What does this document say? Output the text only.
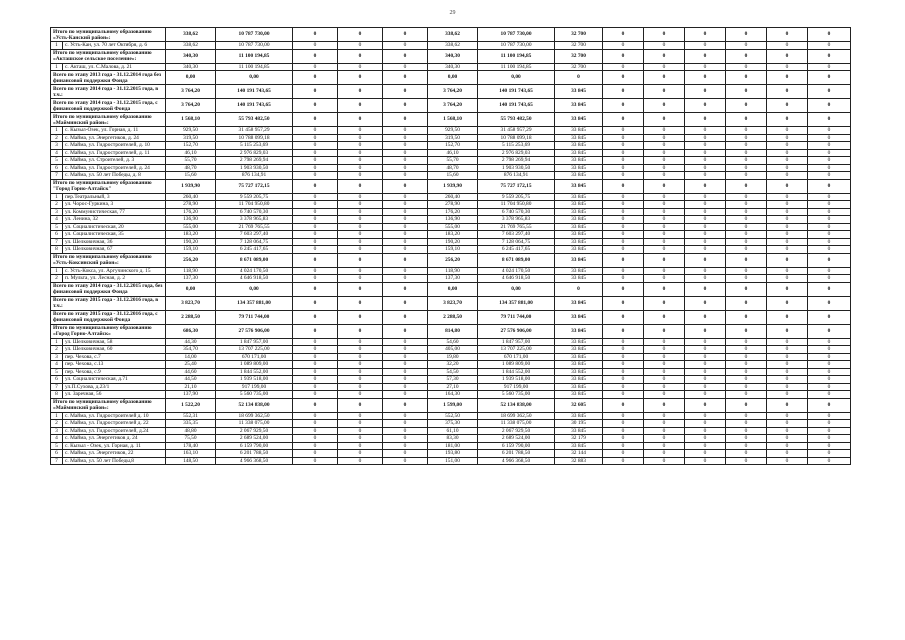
29
Итого по муниципальному образованию «Усть-Канский район»:		338,62	10 787 730,00	0	0	0	338,62	10 787 730,00	32 700	0	0	0	0	0	0
1	с. Усть-Кан, ул. 70 лет Октября, д. 6	338,62	10 787 730,00	0	0	0	338,62	10 787 730,00	32 700	0	0	0	0	0	0
Итого по муниципальному образованию «Акташское сельское поселение»:		340,30	11 100 194,85	0	0	0	340,30	11 100 194,85	32 700	0	0	0	0	0	0
1	с. Акташ, ул. С.Малова, д. 21	340,30	11 100 194,85	0	0	0	340,30	11 100 194,85	32 700	0	0	0	0	0	0
Всего по этапу 2013 года - 31.12.2014 года без финансовой поддержки Фонда		0,00	0,00	0	0	0	0,00	0,00	0	0	0	0	0	0	0
Всего по этапу 2014 года - 31.12.2015 года, в т.ч.:		3 764,20	140 191 743,65	0	0	0	3 764,20	140 191 743,65	33 845	0	0	0	0	0	0
Всего по этапу 2014 года - 31.12.2015 года, с финансовой поддержкой Фонда		3 764,20	140 191 743,65	0	0	0	3 764,20	140 191 743,65	33 845	0	0	0	0	0	0
Итого по муниципальному образованию «Майминский район»:		1 568,10	55 793 482,50	0	0	0	1 568,10	55 793 482,50	33 845	0	0	0	0	0	0
1	с. Кызыл-Озек, ул. Горная, д. 11	929,50	31 458 957,29	0	0	0	929,50	31 458 957,29	33 845	0	0	0	0	0	0
2	с. Майма, ул. Энергетиков, д. 24	319,50	10 788 099,18	0	0	0	319,50	10 788 099,18	33 845	0	0	0	0	0	0
3	с. Майма, ул. Гидростроителей, д. 10	152,70	5 115 253,69	0	0	0	152,70	5 115 253,69	33 845	0	0	0	0	0	0
4	с. Майма, ул. Гидростроителей, д. 11	46,10	2 976 829,03	0	0	0	46,10	2 976 829,03	33 845	0	0	0	0	0	0
5	с. Майма, ул. Строителей, д. 3	55,70	2 798 269,94	0	0	0	55,70	2 798 269,94	33 845	0	0	0	0	0	0
6	с. Майма, ул. Гидростроителей, д. 24	48,70	1 903 930,50	0	0	0	48,70	1 903 930,50	33 845	0	0	0	0	0	0
7	с. Майма, ул. 50 лет Победы, д. 8	15,60	876 134,91	0	0	0	15,60	876 134,91	33 845	0	0	0	0	0	0
Итого по муниципальному образованию "Город Горно-Алтайск"		1 939,90	75 727 172,15	0	0	0	1 939,90	75 727 172,15	33 845	0	0	0	0	0	0
1	пер.Театральный, 3	260,40	9 559 205,75	0	0	0	260,40	9 559 205,75	33 845	0	0	0	0	0	0
2	ул. Чорос-Гуркина, 3	278,90	11 704 950,80	0	0	0	278,90	11 704 950,80	33 845	0	0	0	0	0	0
3	ул. Коммунистическая, 77	176,20	6 740 570,30	0	0	0	176,20	6 740 570,30	33 845	0	0	0	0	0	0
4	ул. Ленина, 32	136,90	3 378 965,83	0	0	0	136,90	3 378 965,83	33 845	0	0	0	0	0	0
5	ул. Социалистическая, 20	555,00	21 769 765,55	0	0	0	555,00	21 769 765,55	33 845	0	0	0	0	0	0
6	ул. Социалистическая, 35	183,20	7 603 297,40	0	0	0	183,20	7 603 297,40	33 845	0	0	0	0	0	0
7	ул. Шелковичная, 36	190,20	7 128 064,75	0	0	0	190,20	7 128 064,75	33 845	0	0	0	0	0	0
8	ул. Шелковичная, 67	159,10	6 245 417,65	0	0	0	159,10	6 245 417,65	33 845	0	0	0	0	0	0
Итого по муниципальному образованию «Усть-Коксинский район»:		256,20	8 671 089,00	0	0	0	256,20	8 671 089,00	33 845	0	0	0	0	0	0
1	с. Усть-Кокса, ул. Аргучинского д. 15	118,90	4 024 170,50	0	0	0	118,90	4 024 170,50	33 845	0	0	0	0	0	0
2	п. Мульта, ул. Лесная, д. 2	137,30	4 646 918,50	0	0	0	137,30	4 646 918,50	33 845	0	0	0	0	0	0
Всего по этапу 2014 года - 31.12.2015 года, без финансовой поддержки Фонда		0,00	0,00	0	0	0	0,00	0,00	0	0	0	0	0	0	0
Всего по этапу 2015 года - 31.12.2016 года, в т.ч.:		3 823,70	134 357 881,00	0	0	0	3 823,70	134 357 881,00	33 845	0	0	0	0	0	0
Всего по этапу 2015 года - 31.12.2016 года, с финансовой поддержкой Фонда		2 288,50	79 711 744,00	0	0	0	2 288,50	79 711 744,00	33 845	0	0	0	0	0	0
Итого по муниципальному образованию «Город Горно-Алтайск»		686,30	27 576 906,00	0	0	0	814,80	27 576 906,00	33 845	0	0	0	0	0	0
1	ул. Шелковичная, 58	44,30	1 847 957,00	0	0	0	54,60	1 847 957,00	33 845	0	0	0	0	0	0
2	ул. Шелковичная, 60	354,70	13 707 225,00	0	0	0	405,00	13 707 225,00	33 845	0	0	0	0	0	0
3	пер. Чехова, с.7	14,00	670 171,00	0	0	0	19,80	670 171,00	33 845	0	0	0	0	0	0
4	пер. Чехова, с.13	25,40	1 089 809,00	0	0	0	32,20	1 089 809,00	33 845	0	0	0	0	0	0
5	пер. Чехова, с.9	44,60	1 844 552,00	0	0	0	54,50	1 844 552,00	33 845	0	0	0	0	0	0
6	ул. Социалистическая, д.71	44,50	1 939 518,00	0	0	0	57,30	1 939 518,00	33 845	0	0	0	0	0	0
7	ул.П.Сухова, д.23/1	21,10	917 199,00	0	0	0	27,10	917 199,00	33 845	0	0	0	0	0	0
8	ул. Заречная, 56	137,90	5 560 735,00	0	0	0	164,30	5 560 735,00	33 845	0	0	0	0	0	0
Итого по муниципальному образованию «Майминский район»:		1 522,20	52 134 838,00	0	0	0	1 599,00	52 134 838,00	32 605	0	0	0	0	0	0
1	с. Майма, ул. Гидростроителей д. 10	552,31	18 699 362,50	0	0	0	552,50	18 699 362,50	33 845	0	0	0	0	0	0
2	с. Майма, ул. Гидростроителей д. 22	335,35	11 338 075,00	0	0	0	375,30	11 338 075,00	30 195	0	0	0	0	0	0
3	с. Майма, ул. Гидростроителей, д.24	48,80	2 067 929,50	0	0	0	61,10	2 067 929,50	33 845	0	0	0	0	0	0
4	с. Майма, ул. Энергетиков д. 24	75,50	2 689 524,00	0	0	0	83,30	2 689 524,00	32 179	0	0	0	0	0	0
5	с. Кызыл - Озек, ул. Горная, д. 11	178,40	6 159 790,00	0	0	0	181,00	6 159 790,00	33 845	0	0	0	0	0	0
6	с. Майма, ул. Энергетиков, 22	163,10	6 201 788,50	0	0	0	193,80	6 201 788,50	32 144	0	0	0	0	0	0
7	с. Майма, ул. 50 лет Победы,8	148,50	4 966 368,50	0	0	0	151,00	4 966 368,50	32 883	0	0	0	0	0	0
